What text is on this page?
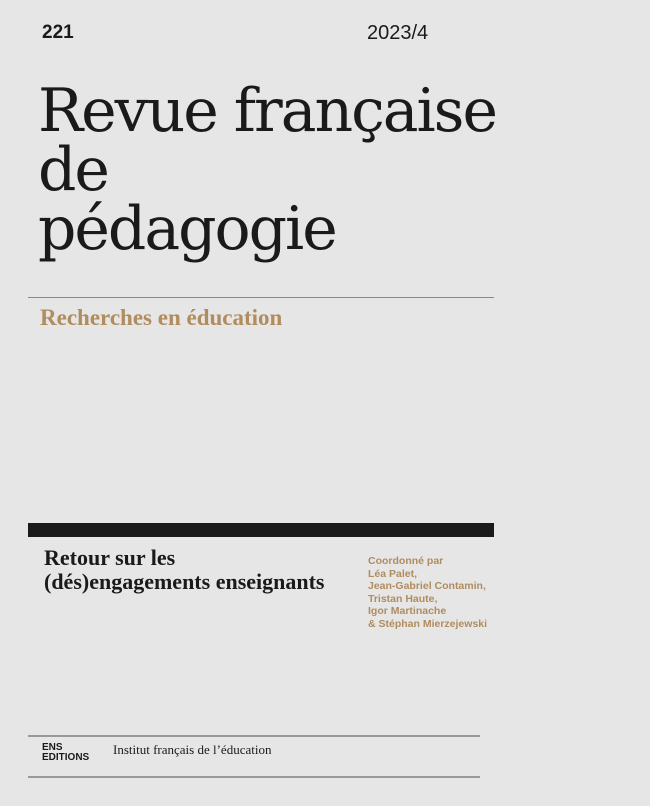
221	2023/4
Revue française
de
pédagogie
Recherches en éducation
Retour sur les
(dés)engagements enseignants
Coordonné par
Léa Palet,
Jean-Gabriel Contamin,
Tristan Haute,
Igor Martinache
& Stéphan Mierzejewski
ENS
EDITIONS
Institut français de l’éducation
